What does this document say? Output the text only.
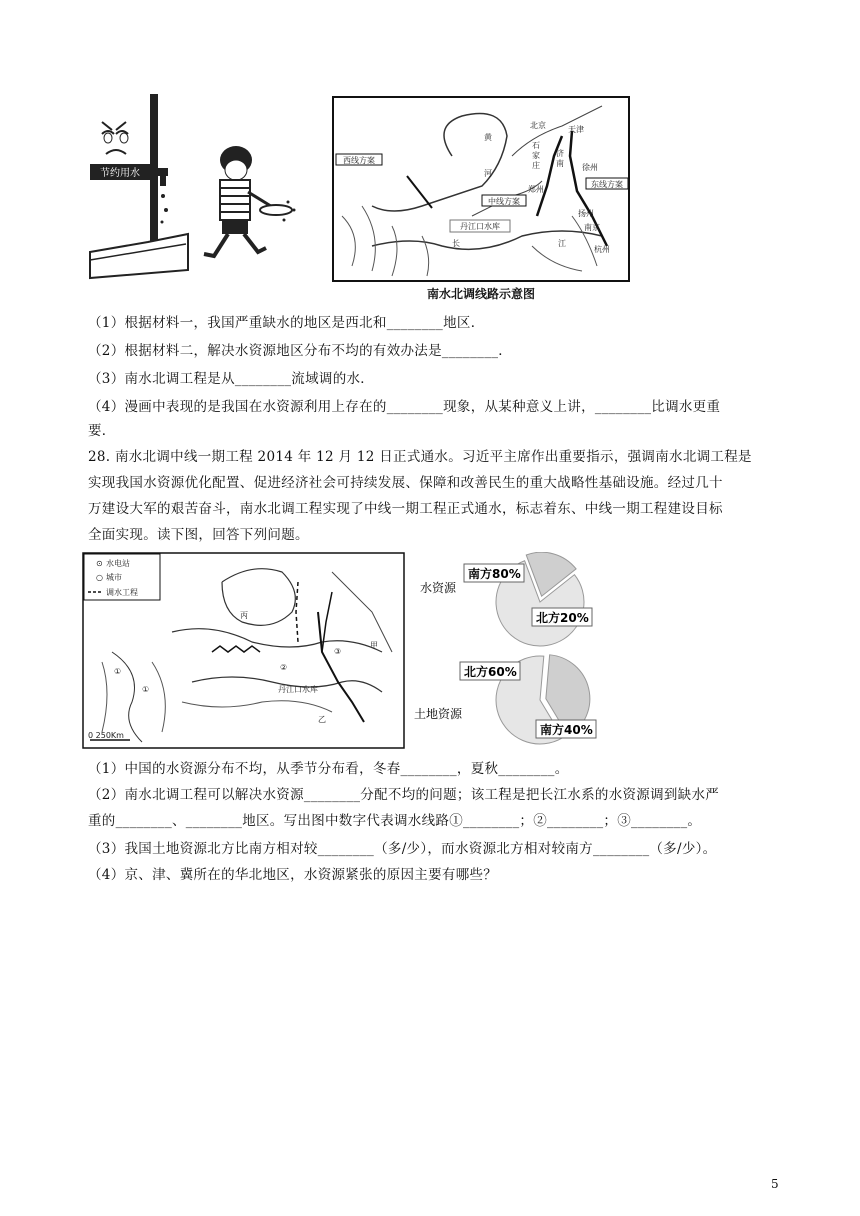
节约用水
西线方案
中线方案
东线方案
丹江口水库
黄
河
北京	天津
石
家
庄
济
南
郑州
徐州
扬州
南京
长	江
杭州
南水北调线路示意图
（1）根据材料一，我国严重缺水的地区是西北和________地区．
（2）根据材料二，解决水资源地区分布不均的有效办法是________．
（3）南水北调工程是从________流域调的水．
（4）漫画中表现的是我国在水资源利用上存在的________现象，从某种意义上讲，________比调水更重
要．
28. 南水北调中线一期工程 2014 年 12 月 12 日正式通水。习近平主席作出重要指示，强调南水北调工程是
实现我国水资源优化配置、促进经济社会可持续发展、保障和改善民生的重大战略性基础设施。经过几十
万建设大军的艰苦奋斗，南水北调工程实现了中线一期工程正式通水，标志着东、中线一期工程建设目标
全面实现。读下图，回答下列问题。
⊙ 水电站
○ 城市
调水工程
①
①
②
③
丙
甲
乙
丹江口水库
0 250Km
水资源
土地资源
南方80%
北方20%
北方60%
南方40%
（1）中国的水资源分布不均，从季节分布看，冬春________，夏秋________。
（2）南水北调工程可以解决水资源________分配不均的问题；该工程是把长江水系的水资源调到缺水严
重的________、________地区。写出图中数字代表调水线路①________；②________；③________。
（3）我国土地资源北方比南方相对较________（多/少），而水资源北方相对较南方________（多/少）。
（4）京、津、冀所在的华北地区，水资源紧张的原因主要有哪些？
5
